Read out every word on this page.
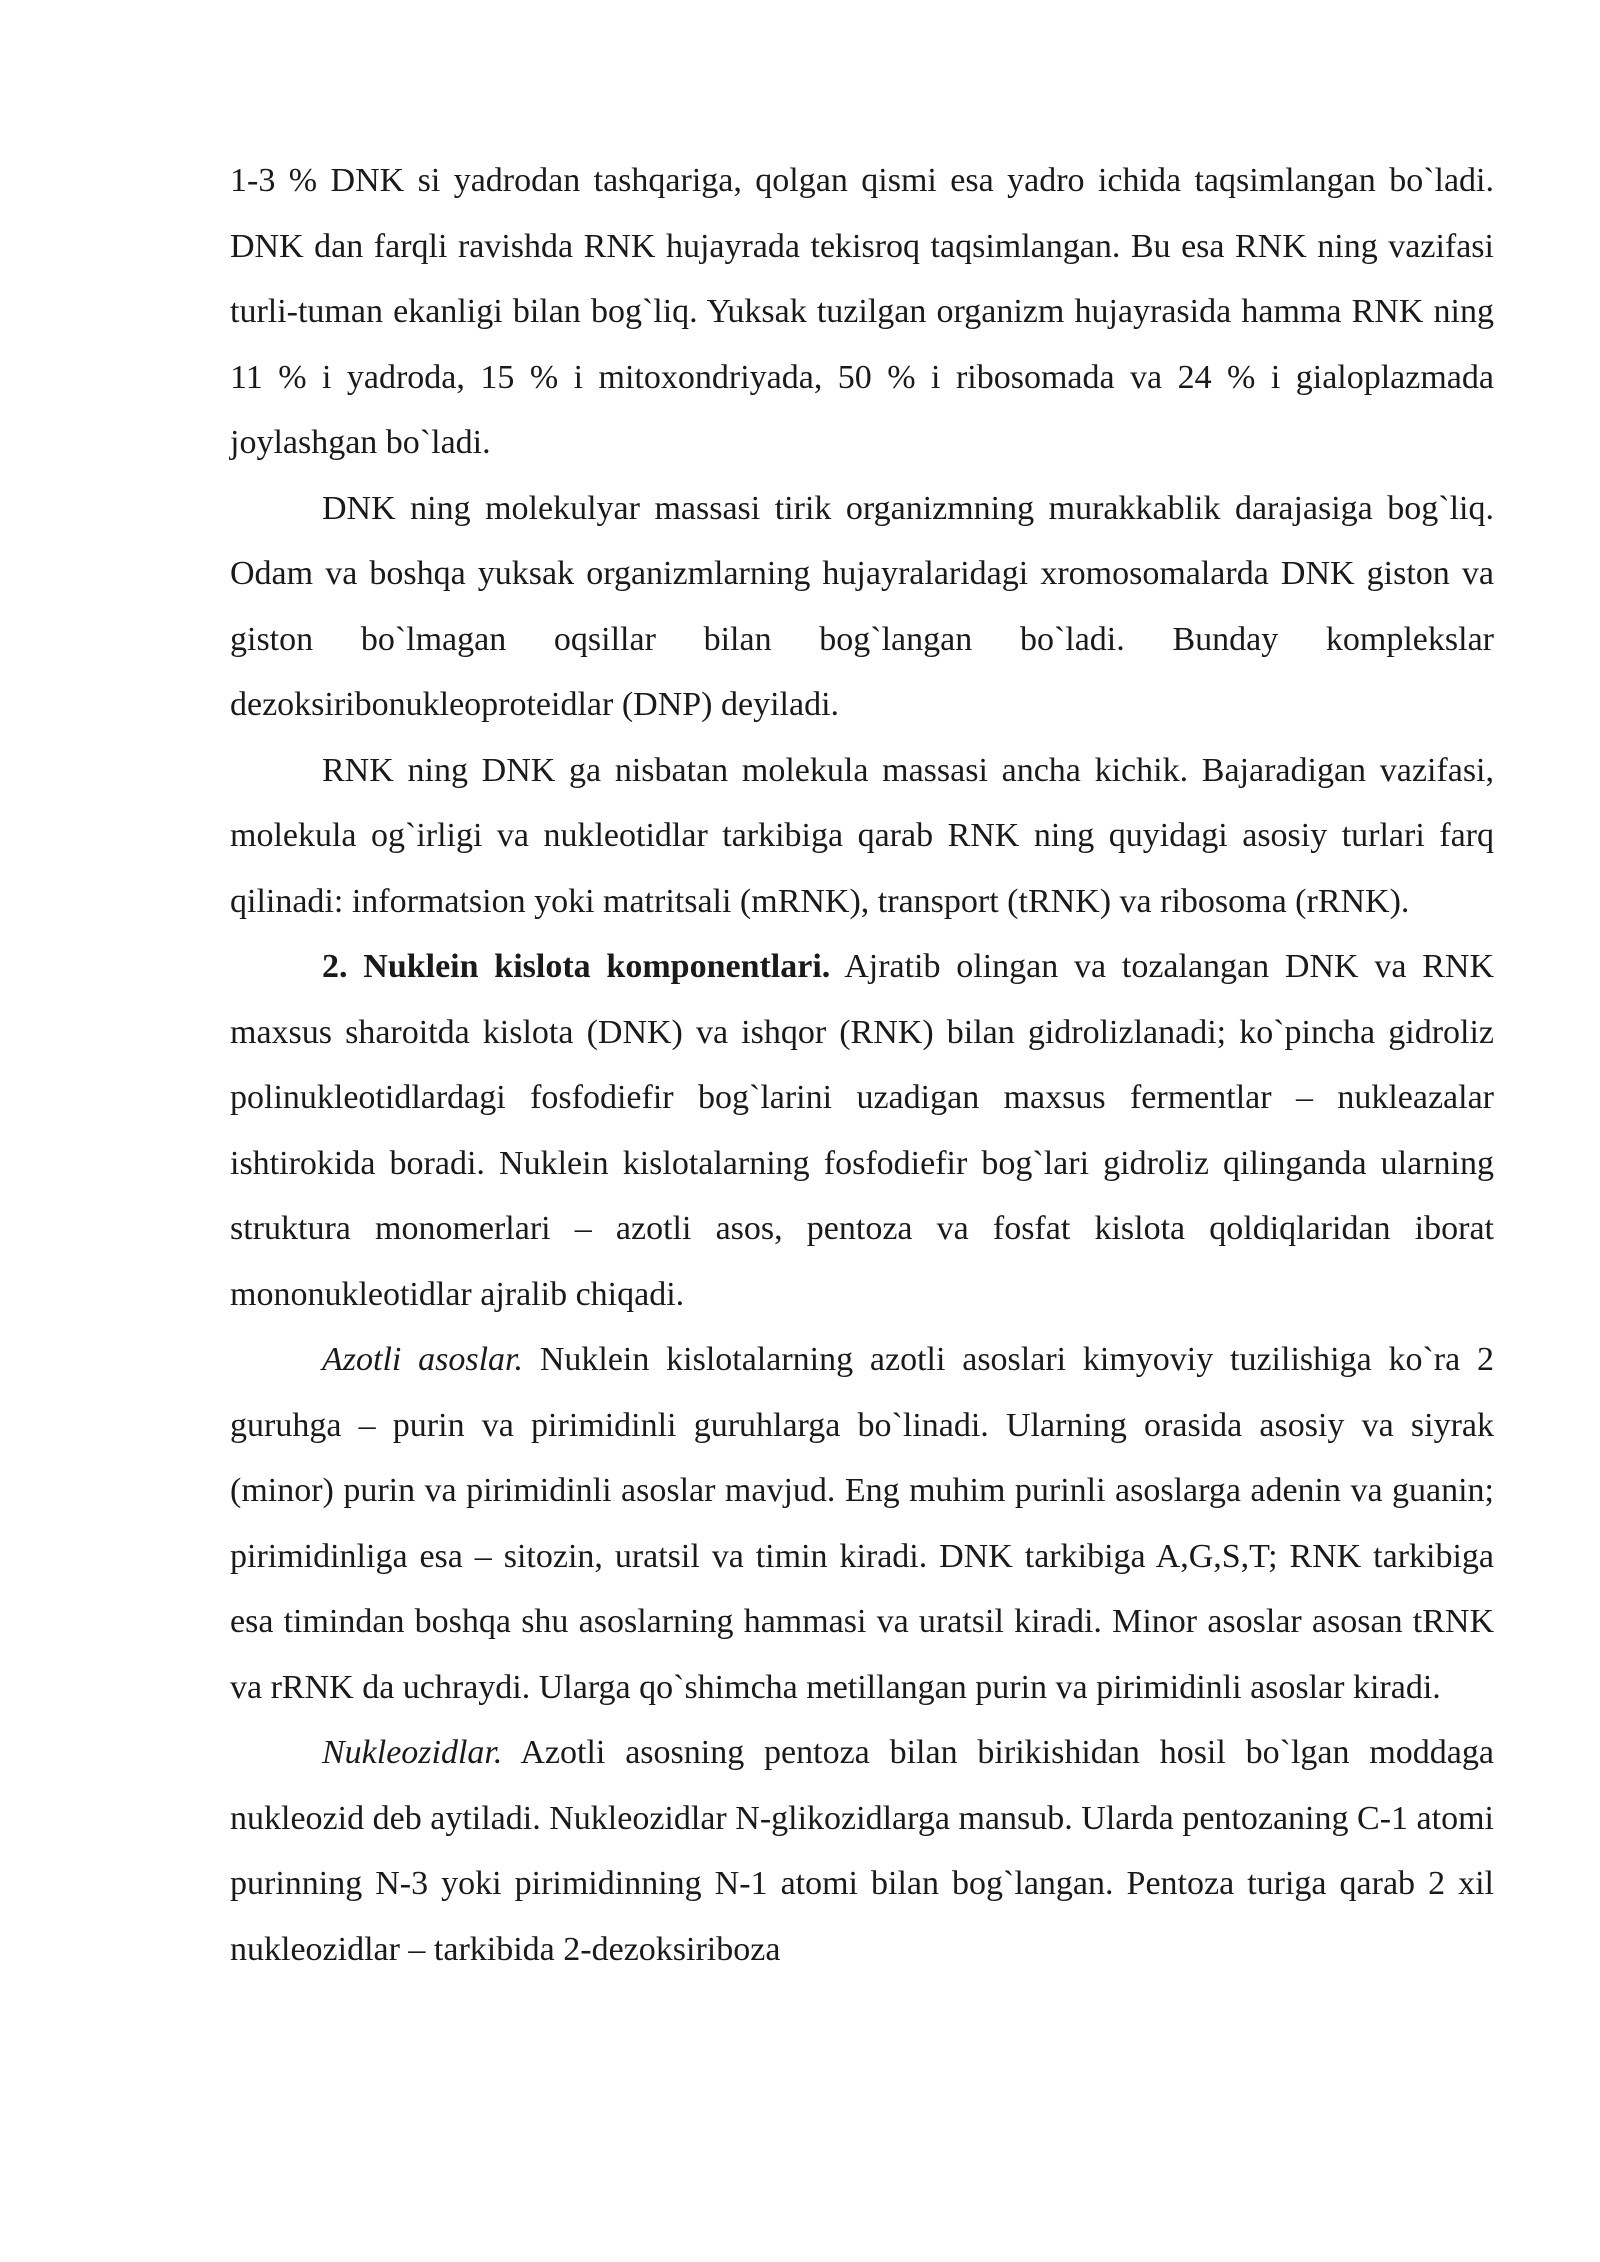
1-3 % DNK si yadrodan tashqariga, qolgan qismi esa yadro ichida taqsimlangan bo`ladi. DNK dan farqli ravishda RNK hujayrada tekisroq taqsimlangan. Bu esa RNK ning vazifasi turli-tuman ekanligi bilan bog`liq. Yuksak tuzilgan organizm hujayrasida hamma RNK ning 11 % i yadroda, 15 % i mitoxondriyada, 50 % i ribosomada va 24 % i gialoplazmada joylashgan bo`ladi.

DNK ning molekulyar massasi tirik organizmning murakkablik darajasiga bog`liq. Odam va boshqa yuksak organizmlarning hujayralaridagi xromosomalarda DNK giston va giston bo`lmagan oqsillar bilan bog`langan bo`ladi. Bunday komplekslar dezoksiribonukleoproteidlar (DNP) deyiladi.

RNK ning DNK ga nisbatan molekula massasi ancha kichik. Bajaradigan vazifasi, molekula og`irligi va nukleotidlar tarkibiga qarab RNK ning quyidagi asosiy turlari farq qilinadi: informatsion yoki matritsali (mRNK), transport (tRNK) va ribosoma (rRNK).

2. Nuklein kislota komponentlari. Ajratib olingan va tozalangan DNK va RNK maxsus sharoitda kislota (DNK) va ishqor (RNK) bilan gidrolizlanadi; ko`pincha gidroliz polinukleotidlardagi fosfodiefir bog`larini uzadigan maxsus fermentlar – nukleazalar ishtirokida boradi. Nuklein kislotalarning fosfodiefir bog`lari gidroliz qilinganda ularning struktura monomerlari – azotli asos, pentoza va fosfat kislota qoldiqlaridan iborat mononukleotidlar ajralib chiqadi.

Azotli asoslar. Nuklein kislotalarning azotli asoslari kimyoviy tuzilishiga ko`ra 2 guruhga – purin va pirimidinli guruhlarga bo`linadi. Ularning orasida asosiy va siyrak (minor) purin va pirimidinli asoslar mavjud. Eng muhim purinli asoslarga adenin va guanin; pirimidinliga esa – sitozin, uratsil va timin kiradi. DNK tarkibiga A,G,S,T; RNK tarkibiga esa timindan boshqa shu asoslarning hammasi va uratsil kiradi. Minor asoslar asosan tRNK va rRNK da uchraydi. Ularga qo`shimcha metillangan purin va pirimidinli asoslar kiradi.

Nukleozidlar. Azotli asosning pentoza bilan birikishidan hosil bo`lgan moddaga nukleozid deb aytiladi. Nukleozidlar N-glikozidlarga mansub. Ularda pentozaning C-1 atomi purinning N-3 yoki pirimidinning N-1 atomi bilan bog`langan. Pentoza turiga qarab 2 xil nukleozidlar – tarkibida 2-dezoksiriboza
